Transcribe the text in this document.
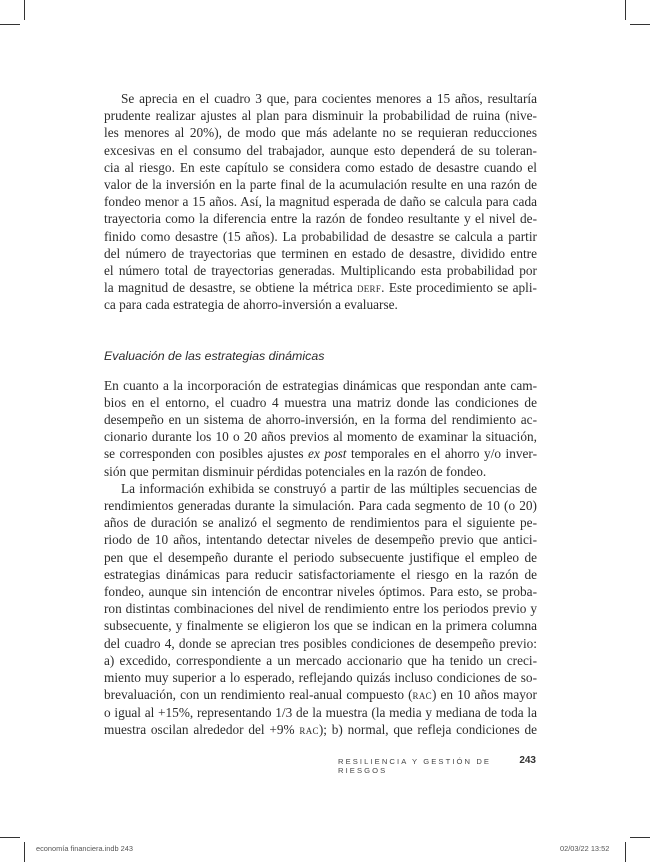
Se aprecia en el cuadro 3 que, para cocientes menores a 15 años, resultaría
prudente realizar ajustes al plan para disminuir la probabilidad de ruina (nive-
les menores al 20%), de modo que más adelante no se requieran reducciones
excesivas en el consumo del trabajador, aunque esto dependerá de su toleran-
cia al riesgo. En este capítulo se considera como estado de desastre cuando el
valor de la inversión en la parte final de la acumulación resulte en una razón de
fondeo menor a 15 años. Así, la magnitud esperada de daño se calcula para cada
trayectoria como la diferencia entre la razón de fondeo resultante y el nivel de-
finido como desastre (15 años). La probabilidad de desastre se calcula a partir
del número de trayectorias que terminen en estado de desastre, dividido entre
el número total de trayectorias generadas. Multiplicando esta probabilidad por
la magnitud de desastre, se obtiene la métrica derf. Este procedimiento se apli-
ca para cada estrategia de ahorro-inversión a evaluarse.
Evaluación de las estrategias dinámicas
En cuanto a la incorporación de estrategias dinámicas que respondan ante cam-
bios en el entorno, el cuadro 4 muestra una matriz donde las condiciones de
desempeño en un sistema de ahorro-inversión, en la forma del rendimiento ac-
cionario durante los 10 o 20 años previos al momento de examinar la situación,
se corresponden con posibles ajustes ex post temporales en el ahorro y/o inver-
sión que permitan disminuir pérdidas potenciales en la razón de fondeo.
La información exhibida se construyó a partir de las múltiples secuencias de
rendimientos generadas durante la simulación. Para cada segmento de 10 (o 20)
años de duración se analizó el segmento de rendimientos para el siguiente pe-
riodo de 10 años, intentando detectar niveles de desempeño previo que antici-
pen que el desempeño durante el periodo subsecuente justifique el empleo de
estrategias dinámicas para reducir satisfactoriamente el riesgo en la razón de
fondeo, aunque sin intención de encontrar niveles óptimos. Para esto, se proba-
ron distintas combinaciones del nivel de rendimiento entre los periodos previo y
subsecuente, y finalmente se eligieron los que se indican en la primera columna
del cuadro 4, donde se aprecian tres posibles condiciones de desempeño previo:
a) excedido, correspondiente a un mercado accionario que ha tenido un creci-
miento muy superior a lo esperado, reflejando quizás incluso condiciones de so-
brevaluación, con un rendimiento real-anual compuesto (rac) en 10 años mayor
o igual al +15%, representando 1/3 de la muestra (la media y mediana de toda la
muestra oscilan alrededor del +9% rac); b) normal, que refleja condiciones de
RESILIENCIA Y GESTIÓN DE RIESGOS
243
economía financiera.indb 243	02/03/22 13:52
